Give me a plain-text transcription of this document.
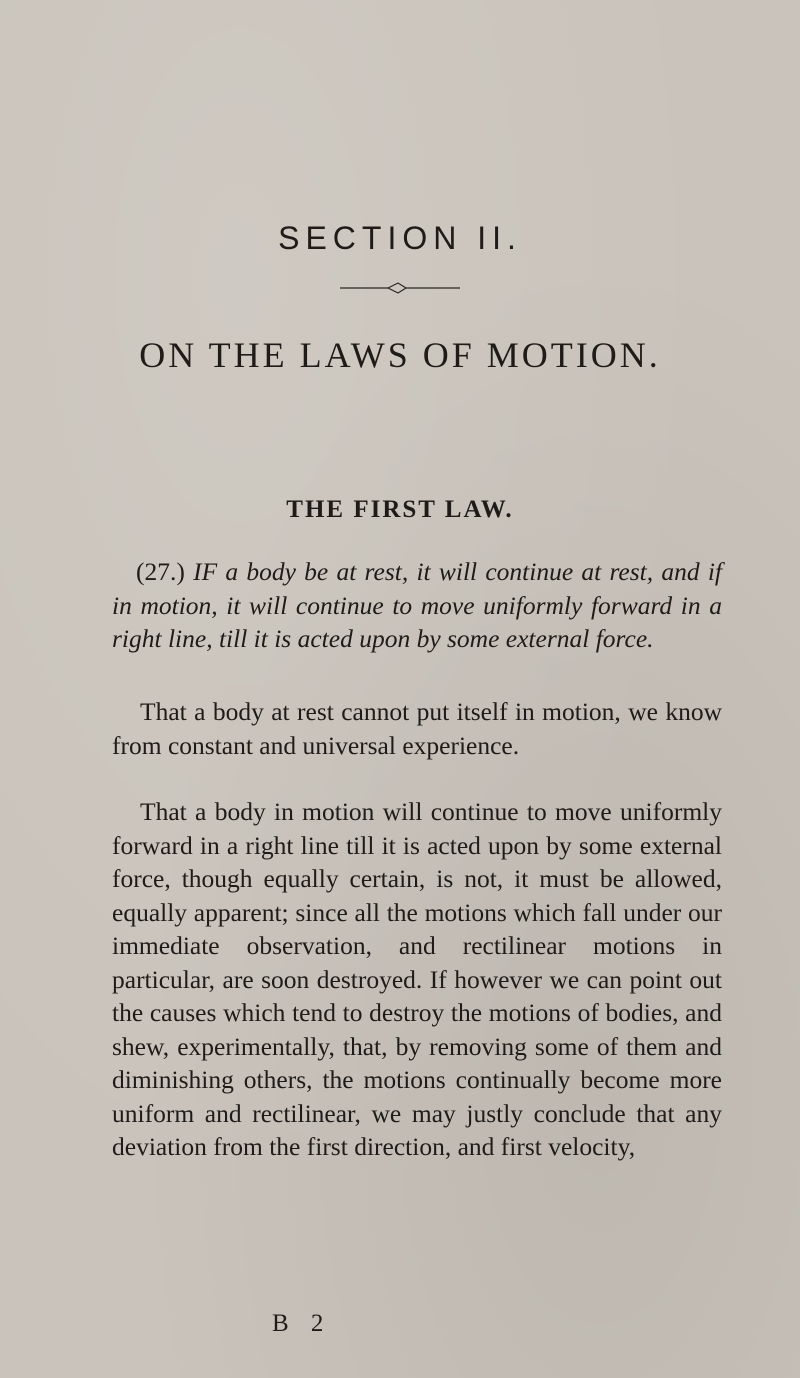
SECTION II.
ON THE LAWS OF MOTION.
THE FIRST LAW.

(27.) IF a body be at rest, it will continue at rest, and if in motion, it will continue to move uniformly forward in a right line, till it is acted upon by some external force.

That a body at rest cannot put itself in motion, we know from constant and universal experience.

That a body in motion will continue to move uniformly forward in a right line till it is acted upon by some external force, though equally certain, is not, it must be allowed, equally apparent; since all the motions which fall under our immediate observation, and rectilinear motions in particular, are soon destroyed. If however we can point out the causes which tend to destroy the motions of bodies, and shew, experimentally, that, by removing some of them and diminishing others, the motions continually become more uniform and rectilinear, we may justly conclude that any deviation from the first direction, and first velocity,

B 2
